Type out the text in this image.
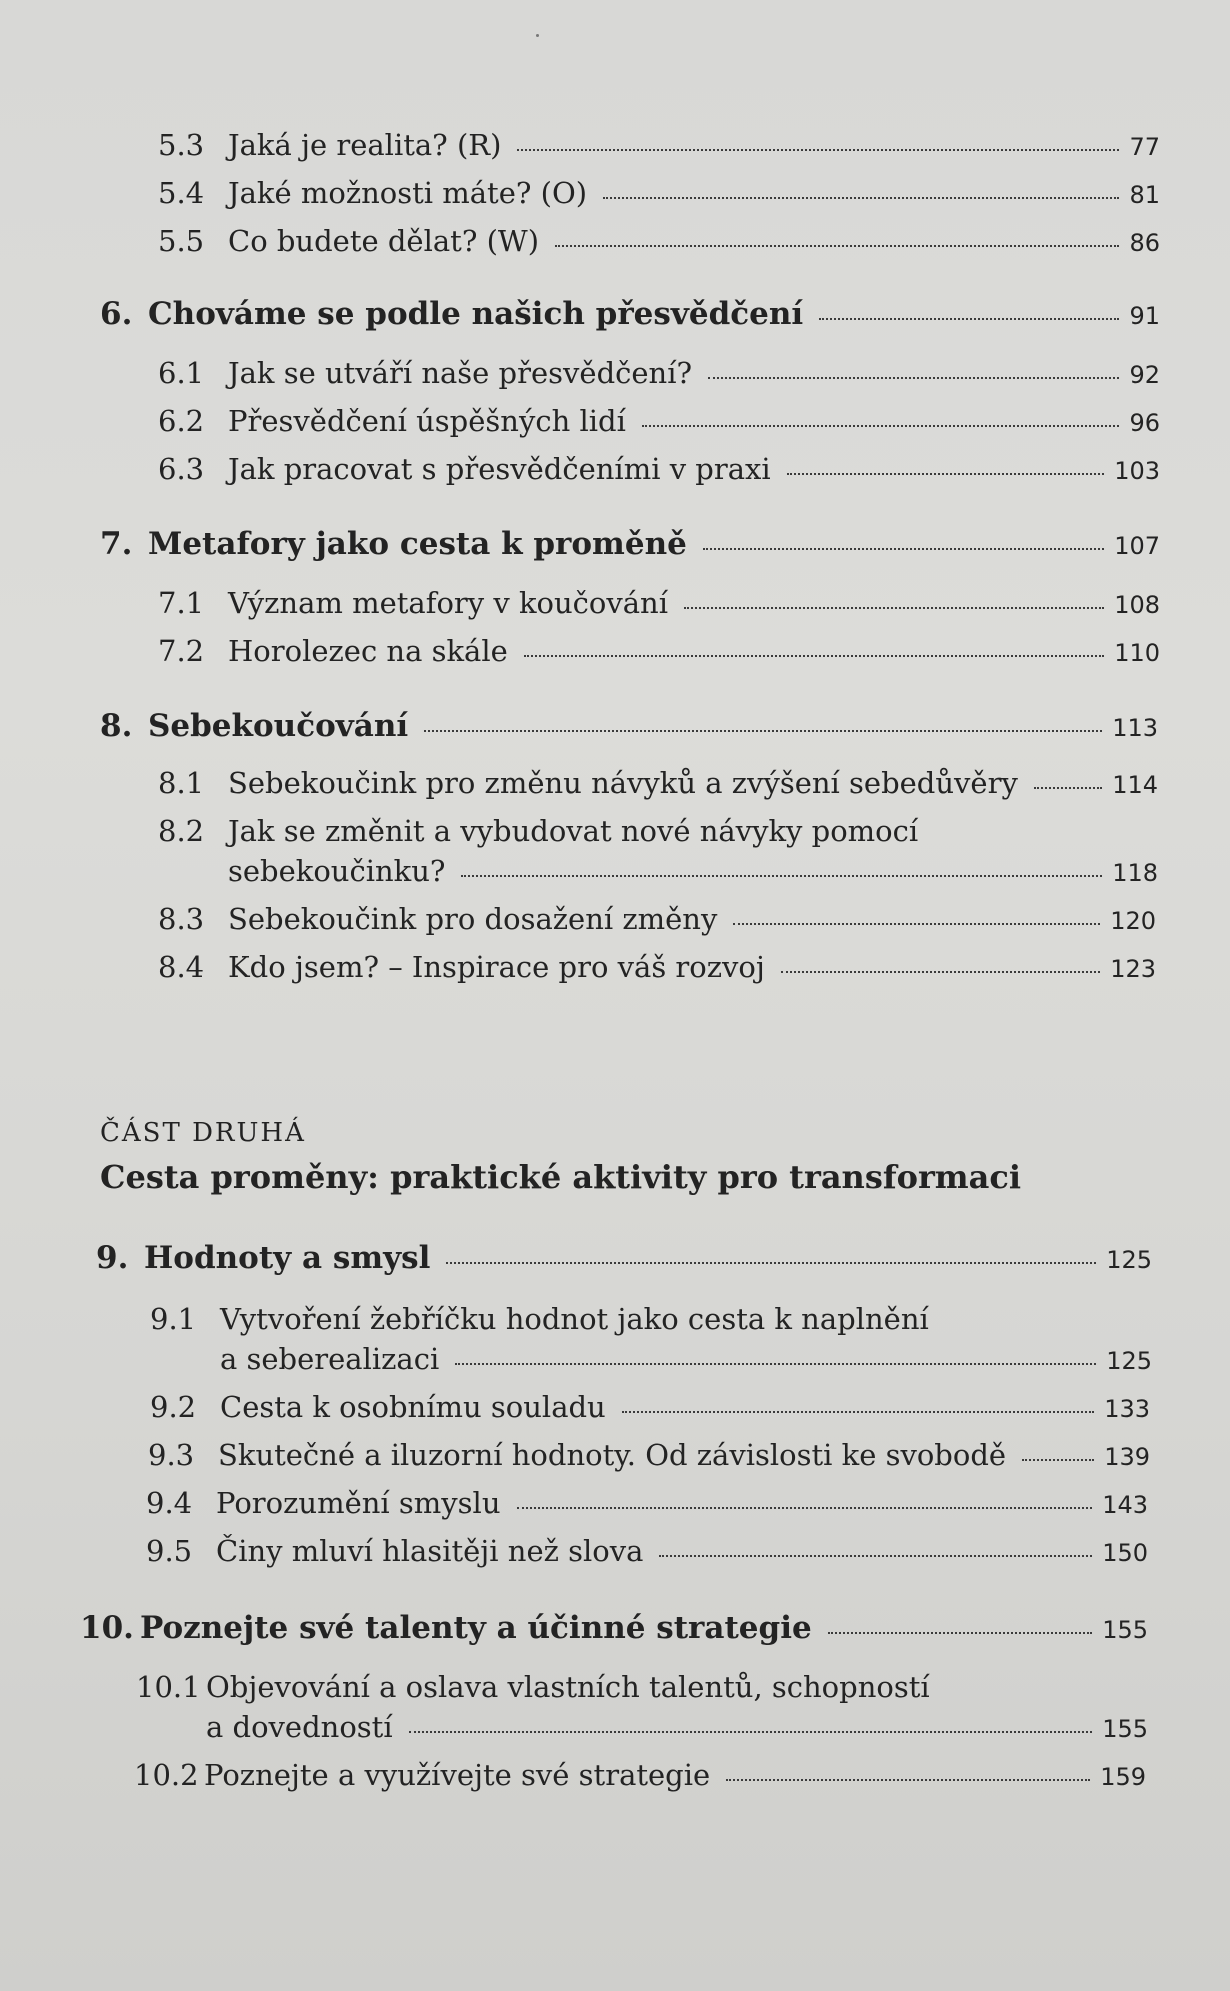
5.3 Jaká je realita? (R)	77
5.4 Jaké možnosti máte? (O)	81
5.5 Co budete dělat? (W)	86
6. Chováme se podle našich přesvědčení	91
6.1 Jak se utváří naše přesvědčení?	92
6.2 Přesvědčení úspěšných lidí	96
6.3 Jak pracovat s přesvědčeními v praxi	103
7. Metafory jako cesta k proměně	107
7.1 Význam metafory v koučování	108
7.2 Horolezec na skále	110
8. Sebekoučování	113
8.1 Sebekoučink pro změnu návyků a zvýšení sebedůvěry	114
8.2 Jak se změnit a vybudovat nové návyky pomocí
sebekoučinku?	118
8.3 Sebekoučink pro dosažení změny	120
8.4 Kdo jsem? – Inspirace pro váš rozvoj	123
ČÁST DRUHÁ
Cesta proměny: praktické aktivity pro transformaci
9. Hodnoty a smysl	125
9.1 Vytvoření žebříčku hodnot jako cesta k naplnění
a seberealizaci	125
9.2 Cesta k osobnímu souladu	133
9.3 Skutečné a iluzorní hodnoty. Od závislosti ke svobodě	139
9.4 Porozumění smyslu	143
9.5 Činy mluví hlasitěji než slova	150
10. Poznejte své talenty a účinné strategie	155
10.1 Objevování a oslava vlastních talentů, schopností
a dovedností	155
10.2 Poznejte a využívejte své strategie	159
